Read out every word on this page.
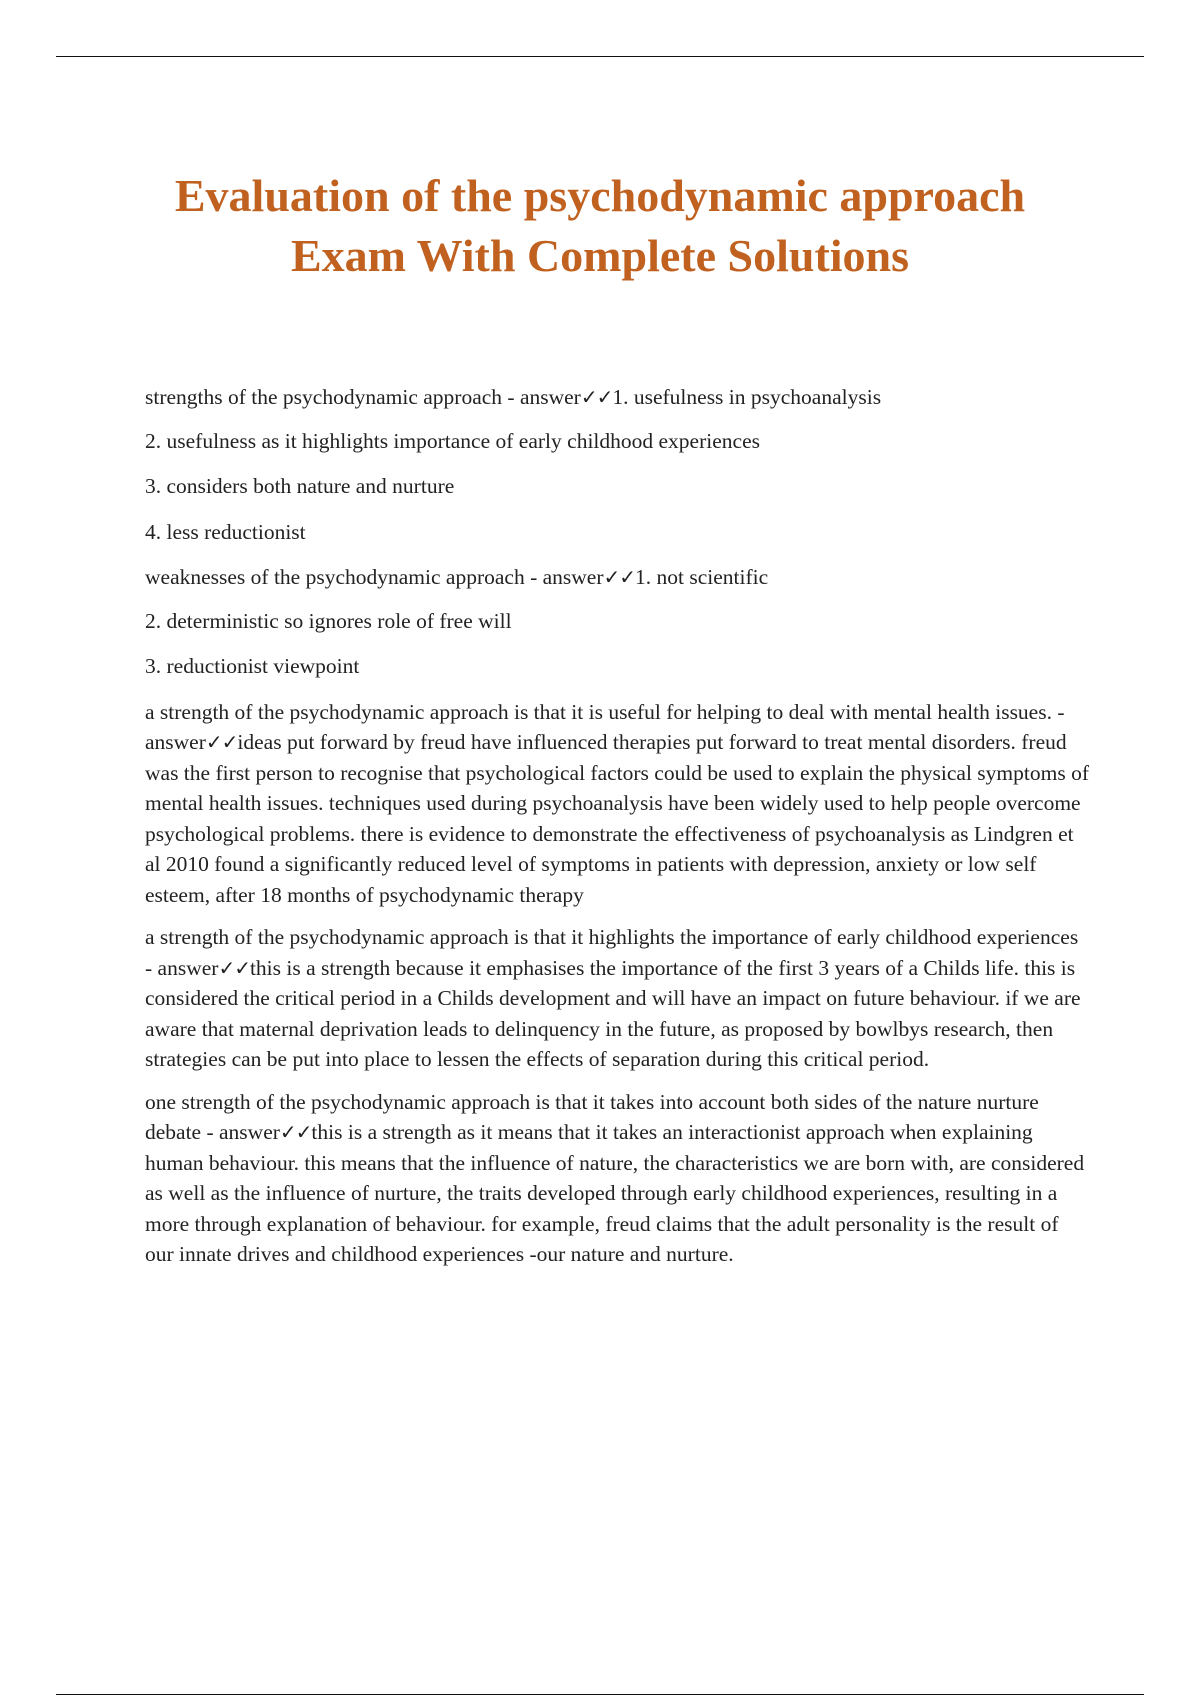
Evaluation of the psychodynamic approach
Exam With Complete Solutions

strengths of the psychodynamic approach - answer✓✓1. usefulness in psychoanalysis

2. usefulness as it highlights importance of early childhood experiences

3. considers both nature and nurture

4. less reductionist

weaknesses of the psychodynamic approach - answer✓✓1. not scientific

2. deterministic so ignores role of free will

3. reductionist viewpoint

a strength of the psychodynamic approach is that it is useful for helping to deal with mental health issues. - answer✓✓ideas put forward by freud have influenced therapies put forward to treat mental disorders. freud was the first person to recognise that psychological factors could be used to explain the physical symptoms of mental health issues. techniques used during psychoanalysis have been widely used to help people overcome psychological problems. there is evidence to demonstrate the effectiveness of psychoanalysis as Lindgren et al 2010 found a significantly reduced level of symptoms in patients with depression, anxiety or low self esteem, after 18 months of psychodynamic therapy

a strength of the psychodynamic approach is that it highlights the importance of early childhood experiences - answer✓✓this is a strength because it emphasises the importance of the first 3 years of a Childs life. this is considered the critical period in a Childs development and will have an impact on future behaviour. if we are aware that maternal deprivation leads to delinquency in the future, as proposed by bowlbys research, then strategies can be put into place to lessen the effects of separation during this critical period.

one strength of the psychodynamic approach is that it takes into account both sides of the nature nurture debate - answer✓✓this is a strength as it means that it takes an interactionist approach when explaining human behaviour. this means that the influence of nature, the characteristics we are born with, are considered as well as the influence of nurture, the traits developed through early childhood experiences, resulting in a more through explanation of behaviour. for example, freud claims that the adult personality is the result of our innate drives and childhood experiences -our nature and nurture.
